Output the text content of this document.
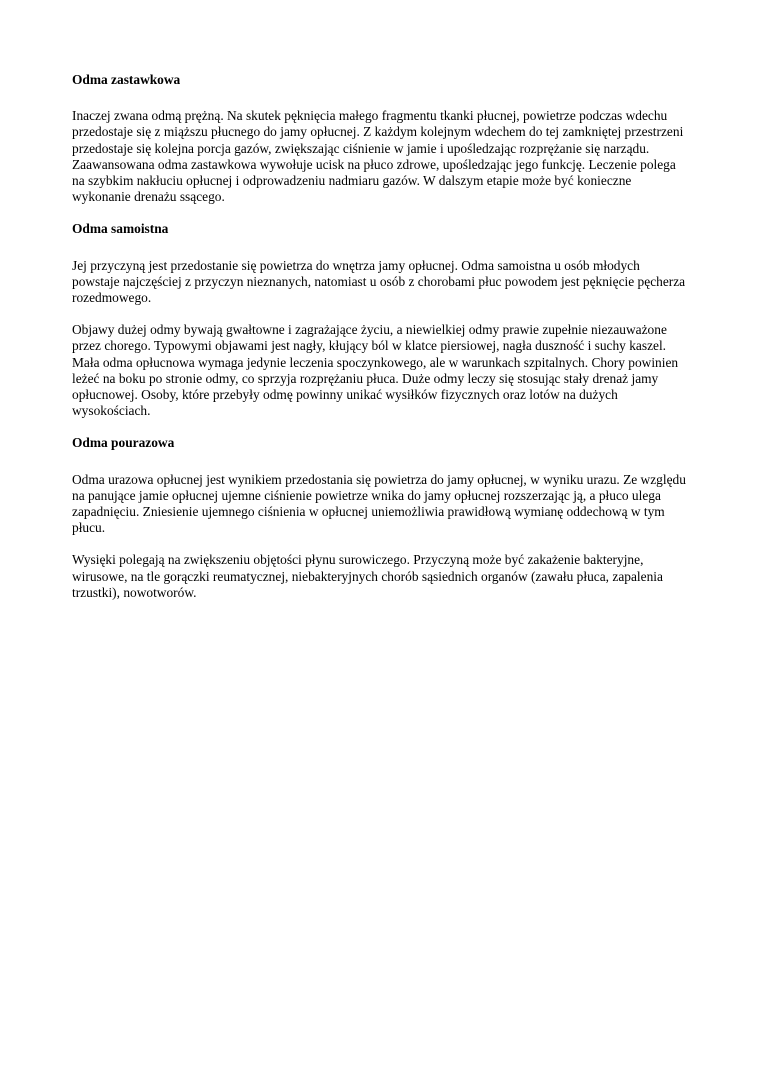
Odma zastawkowa

Inaczej zwana odmą prężną. Na skutek pęknięcia małego fragmentu tkanki płucnej, powietrze podczas wdechu przedostaje się z miąższu płucnego do jamy opłucnej. Z każdym kolejnym wdechem do tej zamkniętej przestrzeni przedostaje się kolejna porcja gazów, zwiększając ciśnienie w jamie i upośledzając rozprężanie się narządu. Zaawansowana odma zastawkowa wywołuje ucisk na płuco zdrowe, upośledzając jego funkcję. Leczenie polega na szybkim nakłuciu opłucnej i odprowadzeniu nadmiaru gazów. W dalszym etapie może być konieczne wykonanie drenażu ssącego.

Odma samoistna

Jej przyczyną jest przedostanie się powietrza do wnętrza jamy opłucnej. Odma samoistna u osób młodych powstaje najczęściej z przyczyn nieznanych, natomiast u osób z chorobami płuc powodem jest pęknięcie pęcherza rozedmowego.

Objawy dużej odmy bywają gwałtowne i zagrażające życiu, a niewielkiej odmy prawie zupełnie niezauważone przez chorego. Typowymi objawami jest nagły, kłujący ból w klatce piersiowej, nagła duszność i suchy kaszel. Mała odma opłucnowa wymaga jedynie leczenia spoczynkowego, ale w warunkach szpitalnych. Chory powinien leżeć na boku po stronie odmy, co sprzyja rozprężaniu płuca. Duże odmy leczy się stosując stały drenaż jamy opłucnowej. Osoby, które przebyły odmę powinny unikać wysiłków fizycznych oraz lotów na dużych wysokościach.

Odma pourazowa

Odma urazowa opłucnej jest wynikiem przedostania się powietrza do jamy opłucnej, w wyniku urazu. Ze względu na panujące jamie opłucnej ujemne ciśnienie powietrze wnika do jamy opłucnej rozszerzając ją, a płuco ulega zapadnięciu. Zniesienie ujemnego ciśnienia w opłucnej uniemożliwia prawidłową wymianę oddechową w tym płucu.

Wysięki polegają na zwiększeniu objętości płynu surowiczego. Przyczyną może być zakażenie bakteryjne, wirusowe, na tle gorączki reumatycznej, niebakteryjnych chorób sąsiednich organów (zawału płuca, zapalenia trzustki), nowotworów.
